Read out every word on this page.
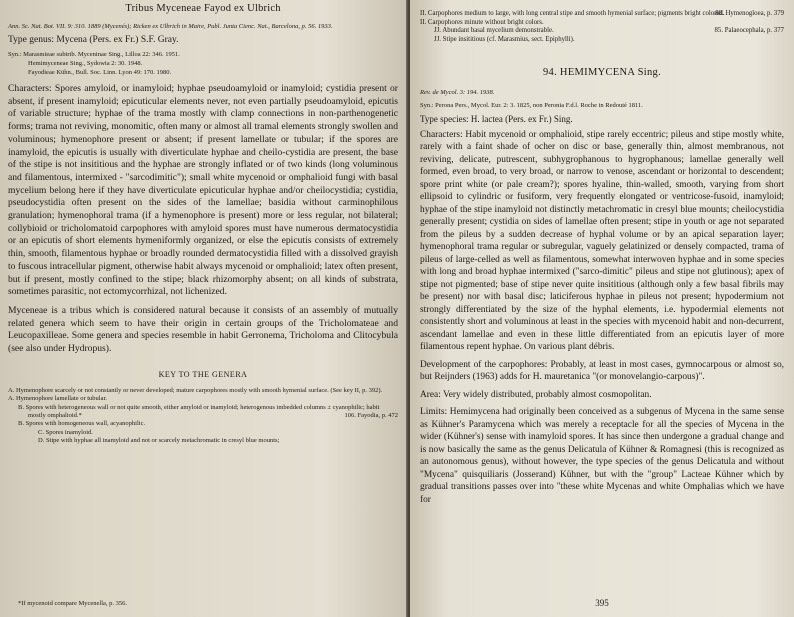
Tribus Myceneae Fayod ex Ulbrich

Ann. Sc. Nat. Bot. VII. 9: 310. 1889 (Mycenés); Ricken ex Ulbrich in Maire, Publ. Junta Cienc. Nat., Barcelona, p. 56. 1933.

Type genus: Mycena (Pers. ex Fr.) S.F. Gray.

Syn.: Marasmieae subtrib. Myceninae Sing., Lilloa 22: 346. 1951.
Hemimyceneae Sing., Sydowia 2: 30. 1948.
Fayodieae Kühn., Bull. Soc. Linn. Lyon 49: 170. 1980.

Characters: Spores amyloid, or inamyloid; hyphae pseudoamyloid or inamyloid; cystidia present or absent, if present inamyloid; epicuticular elements never, not even partially pseudoamyloid, epicutis of variable structure; hyphae of the trama mostly with clamp connections in non-parthenogenetic forms; trama not reviving, monomitic, often many or almost all tramal elements strongly swollen and voluminous; hymenophore present or absent; if present lamellate or tubular; if the spores are inamyloid, the epicutis is usually with diverticulate hyphae and cheilo-cystidia are present, the base of the stipe is not insititious and the hyphae are strongly inflated or of two kinds (long voluminous and filamentous, intermixed - "sarcodimitic"); small white mycenoid or omphalioid fungi with basal mycelium belong here if they have diverticulate epicuticular hyphae and/or cheilocystidia; cystidia, pseudocystidia often present on the sides of the lamellae; basidia without carminophilous granulation; hymenophoral trama (if a hymenophore is present) more or less regular, not bilateral; collybioid or tricholomatoid carpophores with amyloid spores must have numerous dermatocystidia or an epicutis of short elements hymeniformly organized, or else the epicutis consists of extremely thin, smooth, filamentous hyphae or broadly rounded dermatocystidia filled with a dissolved grayish to fuscous intracellular pigment, otherwise habit always mycenoid or omphalioid; latex often present, but if present, mostly confined to the stipe; black rhizomorphy absent; on all kinds of substrata, sometimes parasitic, not ectomycorrhizal, not lichenized.

Myceneae is a tribus which is considered natural because it consists of an assembly of mutually related genera which seem to have their origin in certain groups of the Tricholomateae and Leucopaxilleae. Some genera and species resemble in habit Gerronema, Tricholoma and Clitocybula (see also under Hydropus).

KEY TO THE GENERA

A. Hymenophore scarcely or not constantly or never developed; mature carpophores mostly with smooth hymenial surface. (See key II, p. 392).
A. Hymenophore lamellate or tubular.
B. Spores with heterogeneous wall or not quite smooth, either amyloid or inamyloid; heterogenous imbedded columns ± cyanophilic; habit mostly omphalioid.*	106. Fayodia, p. 472
B. Spores with homogeneous wall, acyanophilic.
C. Spores inamyloid.
D. Stipe with hyphae all inamyloid and not or scarcely metachromatic in cresyl blue mounts;
*If mycenoid compare Mycenella, p. 356.
II. Carpophores medium to large, with long central stipe and smooth hymenial surface; pigments bright colored.
88. Hymenogloea, p. 379
II. Carpophores minute without bright colors.
JJ. Abundant basal mycelium demonstrable.	85. Palaeocephala, p. 377
JJ. Stipe insititious (cf. Marasmius, sect. Epiphylli).

94. HEMIMYCENA Sing.

Rev. de Mycol. 3: 194. 1938.

Syn.: Perona Pers., Mycol. Eur. 2: 3. 1825, non Peronia F.d.l. Roche in Redouté 1811.

Type species: H. lactea (Pers. ex Fr.) Sing.

Characters: Habit mycenoid or omphalioid, stipe rarely eccentric; pileus and stipe mostly white, rarely with a faint shade of ocher on disc or base, generally thin, almost membranous, not reviving, delicate, putrescent, subhygrophanous to hygrophanous; lamellae generally well formed, even broad, to very broad, or narrow to venose, ascendant or horizontal to descendent; spore print white (or pale cream?); spores hyaline, thin-walled, smooth, varying from short ellipsoid to cylindric or fusiform, very frequently elongated or ventricose-fusoid, inamyloid; hyphae of the stipe inamyloid not distinctly metachromatic in cresyl blue mounts; cheilocystidia generally present; cystidia on sides of lamellae often present; stipe in youth or age not separated from the pileus by a sudden decrease of hyphal volume or by an apical separation layer; hymenophoral trama regular or subregular, vaguely gelatinized or densely compacted, trama of pileus of large-celled as well as filamentous, somewhat interwoven hyphae and in some species with long and broad hyphae intermixed ("sarco-dimitic" pileus and stipe not glutinous); apex of stipe not pigmented; base of stipe never quite insititious (although only a few basal fibrils may be present) nor with basal disc; laticiferous hyphae in pileus not present; hypodermium not strongly differentiated by the size of the hyphal elements, i.e. hypodermial elements not consistently short and voluminous at least in the species with mycenoid habit and non-decurrent, ascendant lamellae and even in these little differentiated from an epicutis layer of more filamentous repent hyphae. On various plant débris.

Development of the carpophores: Probably, at least in most cases, gymnocarpous or almost so, but Reijnders (1963) adds for H. mauretanica "(or monovelangio-carpous)".

Area: Very widely distributed, probably almost cosmopolitan.

Limits: Hemimycena had originally been conceived as a subgenus of Mycena in the same sense as Kühner's Paramycena which was merely a receptacle for all the species of Mycena in the wider (Kühner's) sense with inamyloid spores. It has since then undergone a gradual change and is now basically the same as the genus Delicatula of Kühner & Romagnesi (this is recognized as an autonomous genus), without however, the type species of the genus Delicatula and without "Mycena" quisquiliaris (Josserand) Kühner, but with the "group" Lacteae Kühner which by gradual transitions passes over into "these white Mycenas and white Omphalias which we have for

395
